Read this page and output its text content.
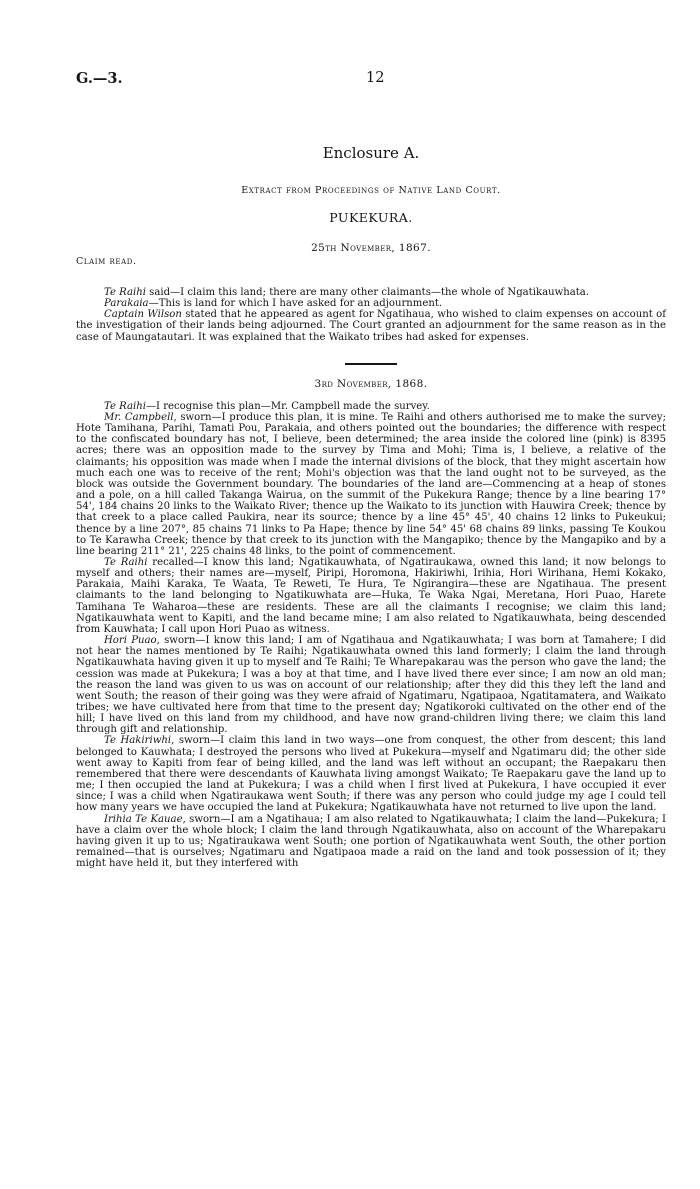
G.—3.	12
Enclosure A.
Extract from Proceedings of Native Land Court.
PUKEKURA.
25th November, 1867.
Claim read.

Te Raihi said—I claim this land; there are many other claimants—the whole of Ngatikauwhata.

Parakaia—This is land for which I have asked for an adjournment.

Captain Wilson stated that he appeared as agent for Ngatihaua, who wished to claim expenses on account of the investigation of their lands being adjourned. The Court granted an adjournment for the same reason as in the case of Maungatautari. It was explained that the Waikato tribes had asked for expenses.

3rd November, 1868.

Te Raihi—I recognise this plan—Mr. Campbell made the survey.

Mr. Campbell, sworn—I produce this plan, it is mine. Te Raihi and others authorised me to make the survey; Hote Tamihana, Parihi, Tamati Pou, Parakaia, and others pointed out the boundaries; the difference with respect to the confiscated boundary has not, I believe, been determined; the area inside the colored line (pink) is 8395 acres; there was an opposition made to the survey by Tima and Mohi; Tima is, I believe, a relative of the claimants; his opposition was made when I made the internal divisions of the block, that they might ascertain how much each one was to receive of the rent; Mohi's objection was that the land ought not to be surveyed, as the block was outside the Government boundary. The boundaries of the land are—Commencing at a heap of stones and a pole, on a hill called Takanga Wairua, on the summit of the Pukekura Range; thence by a line bearing 17° 54', 184 chains 20 links to the Waikato River; thence up the Waikato to its junction with Hauwira Creek; thence by that creek to a place called Paukira, near its source; thence by a line 45° 45', 40 chains 12 links to Pukeukui; thence by a line 207°, 85 chains 71 links to Pa Hape; thence by line 54° 45' 68 chains 89 links, passing Te Koukou to Te Karawha Creek; thence by that creek to its junction with the Mangapiko; thence by the Mangapiko and by a line bearing 211° 21', 225 chains 48 links, to the point of commencement.

Te Raihi recalled—I know this land; Ngatikauwhata, of Ngatiraukawa, owned this land; it now belongs to myself and others; their names are—myself, Piripi, Horomona, Hakiriwhi, Irihia, Hori Wirihana, Hemi Kokako, Parakaia, Maihi Karaka, Te Waata, Te Reweti, Te Hura, Te Ngirangira—these are Ngatihaua. The present claimants to the land belonging to Ngatikuwhata are—Huka, Te Waka Ngai, Meretana, Hori Puao, Harete Tamihana Te Waharoa—these are residents. These are all the claimants I recognise; we claim this land; Ngatikauwhata went to Kapiti, and the land became mine; I am also related to Ngatikauwhata, being descended from Kauwhata; I call upon Hori Puao as witness.

Hori Puao, sworn—I know this land; I am of Ngatihaua and Ngatikauwhata; I was born at Tamahere; I did not hear the names mentioned by Te Raihi; Ngatikauwhata owned this land formerly; I claim the land through Ngatikauwhata having given it up to myself and Te Raihi; Te Wharepakarau was the person who gave the land; the cession was made at Pukekura; I was a boy at that time, and I have lived there ever since; I am now an old man; the reason the land was given to us was on account of our relationship; after they did this they left the land and went South; the reason of their going was they were afraid of Ngatimaru, Ngatipaoa, Ngatitamatera, and Waikato tribes; we have cultivated here from that time to the present day; Ngatikoroki cultivated on the other end of the hill; I have lived on this land from my childhood, and have now grand-children living there; we claim this land through gift and relationship.

Te Hakiriwhi, sworn—I claim this land in two ways—one from conquest, the other from descent; this land belonged to Kauwhata; I destroyed the persons who lived at Pukekura—myself and Ngatimaru did; the other side went away to Kapiti from fear of being killed, and the land was left without an occupant; the Raepakaru then remembered that there were descendants of Kauwhata living amongst Waikato; Te Raepakaru gave the land up to me; I then occupied the land at Pukekura; I was a child when I first lived at Pukekura, I have occupied it ever since; I was a child when Ngatiraukawa went South; if there was any person who could judge my age I could tell how many years we have occupied the land at Pukekura; Ngatikauwhata have not returned to live upon the land.

Irihia Te Kauae, sworn—I am a Ngatihaua; I am also related to Ngatikauwhata; I claim the land—Pukekura; I have a claim over the whole block; I claim the land through Ngatikauwhata, also on account of the Wharepakaru having given it up to us; Ngatiraukawa went South; one portion of Ngatikauwhata went South, the other portion remained—that is ourselves; Ngatimaru and Ngatipaoa made a raid on the land and took possession of it; they might have held it, but they interfered with
